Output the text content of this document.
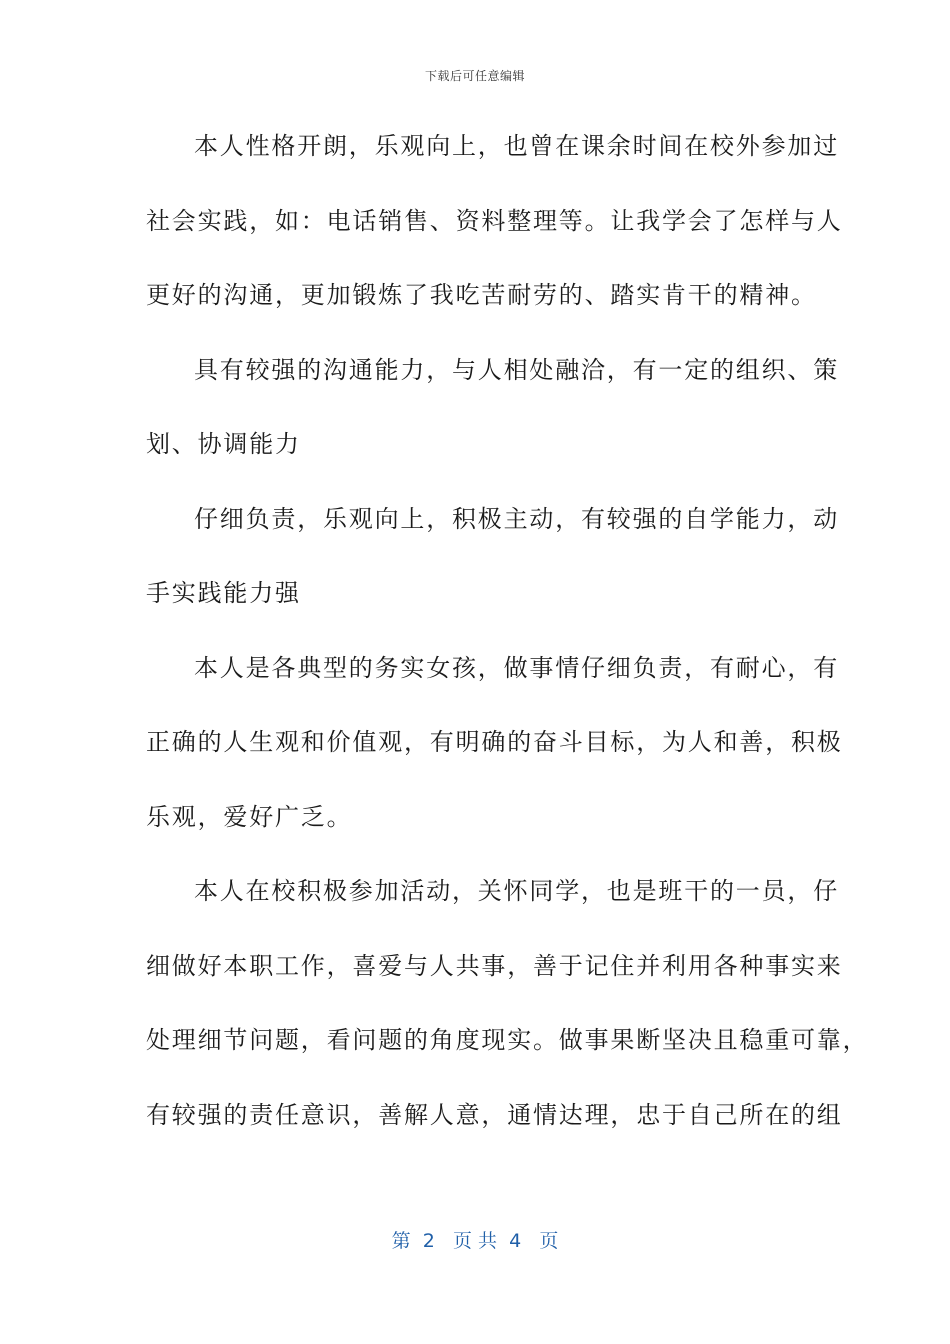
下载后可任意编辑
本人性格开朗，乐观向上，也曾在课余时间在校外参加过
社会实践，如：电话销售、资料整理等。让我学会了怎样与人
更好的沟通，更加锻炼了我吃苦耐劳的、踏实肯干的精神。
具有较强的沟通能力，与人相处融洽，有一定的组织、策
划、协调能力
仔细负责，乐观向上，积极主动，有较强的自学能力，动
手实践能力强
本人是各典型的务实女孩，做事情仔细负责，有耐心，有
正确的人生观和价值观，有明确的奋斗目标，为人和善，积极
乐观，爱好广乏。
本人在校积极参加活动，关怀同学，也是班干的一员，仔
细做好本职工作，喜爱与人共事，善于记住并利用各种事实来
处理细节问题，看问题的角度现实。做事果断坚决且稳重可靠，
有较强的责任意识，善解人意，通情达理，忠于自己所在的组
第 2 页 共 4 页
